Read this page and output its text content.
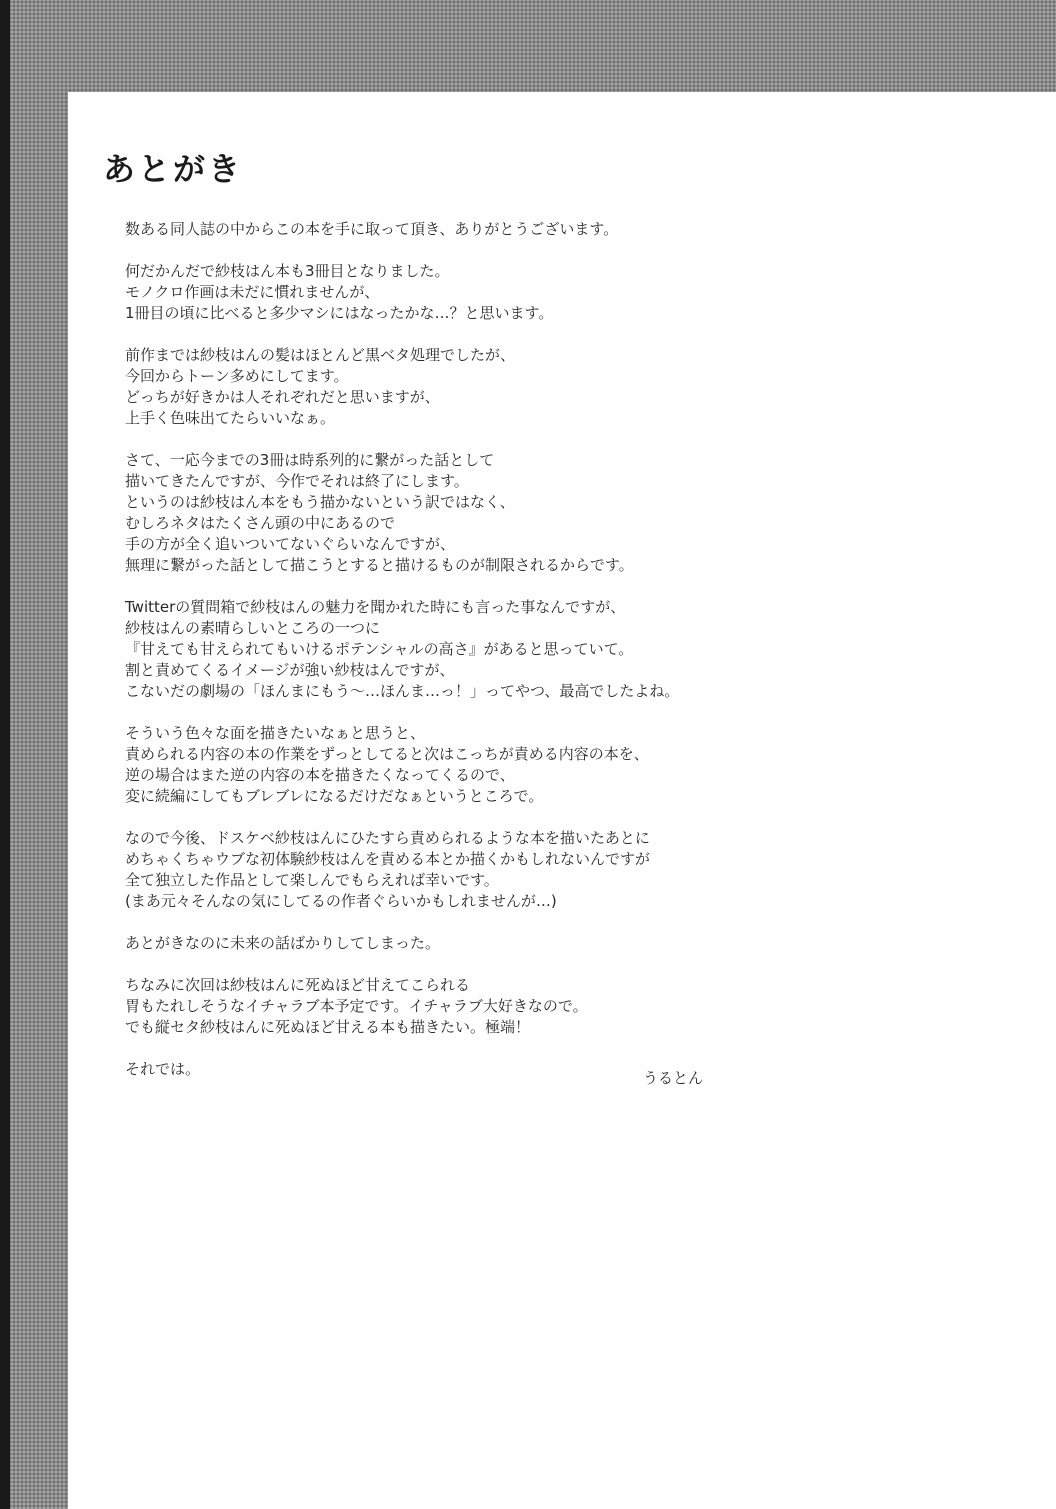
あとがき
数ある同人誌の中からこの本を手に取って頂き、ありがとうございます。
何だかんだで紗枝はん本も3冊目となりました。
モノクロ作画は未だに慣れませんが、
1冊目の頃に比べると多少マシにはなったかな…？と思います。
前作までは紗枝はんの髪はほとんど黒ベタ処理でしたが、
今回からトーン多めにしてます。
どっちが好きかは人それぞれだと思いますが、
上手く色味出てたらいいなぁ。
さて、一応今までの3冊は時系列的に繋がった話として
描いてきたんですが、今作でそれは終了にします。
というのは紗枝はん本をもう描かないという訳ではなく、
むしろネタはたくさん頭の中にあるので
手の方が全く追いついてないぐらいなんですが、
無理に繋がった話として描こうとすると描けるものが制限されるからです。
Twitterの質問箱で紗枝はんの魅力を聞かれた時にも言った事なんですが、
紗枝はんの素晴らしいところの一つに
『甘えても甘えられてもいけるポテンシャルの高さ』があると思っていて。
割と責めてくるイメージが強い紗枝はんですが、
こないだの劇場の「ほんまにもう〜…ほんま…っ！」ってやつ、最高でしたよね。
そういう色々な面を描きたいなぁと思うと、
責められる内容の本の作業をずっとしてると次はこっちが責める内容の本を、
逆の場合はまた逆の内容の本を描きたくなってくるので、
変に続編にしてもブレブレになるだけだなぁというところで。
なので今後、ドスケベ紗枝はんにひたすら責められるような本を描いたあとに
めちゃくちゃウブな初体験紗枝はんを責める本とか描くかもしれないんですが
全て独立した作品として楽しんでもらえれば幸いです。
(まあ元々そんなの気にしてるの作者ぐらいかもしれませんが…)
あとがきなのに未来の話ばかりしてしまった。
ちなみに次回は紗枝はんに死ぬほど甘えてこられる
胃もたれしそうなイチャラブ本予定です。イチャラブ大好きなので。
でも縦セタ紗枝はんに死ぬほど甘える本も描きたい。極端！
それでは。	うるとん
